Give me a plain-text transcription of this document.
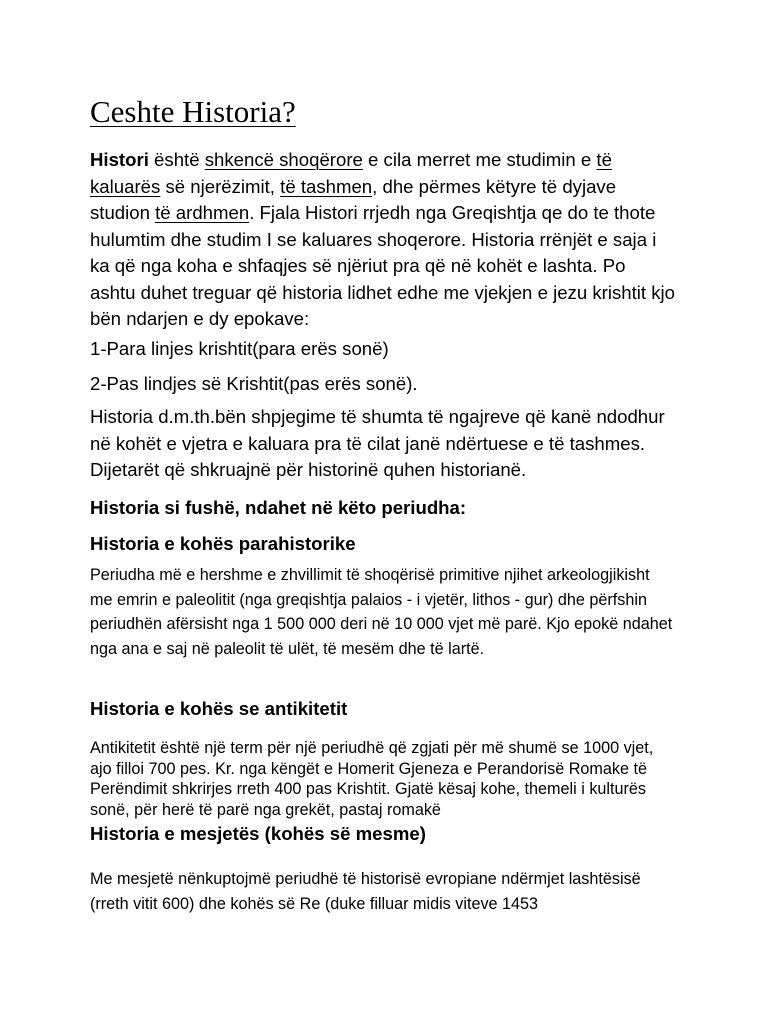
Ceshte Historia?

Histori është shkencë shoqërore e cila merret me studimin e të kaluarës së njerëzimit, të tashmen, dhe përmes këtyre të dyjave studion të ardhmen. Fjala Histori rrjedh nga Greqishtja qe do te thote hulumtim dhe studim I se kaluares shoqerore. Historia rrënjët e saja i ka që nga koha e shfaqjes së njëriut pra që në kohët e lashta. Po ashtu duhet treguar që historia lidhet edhe me vjekjen e jezu krishtit kjo bën ndarjen e dy epokave:

1-Para linjes krishtit(para erës sonë)

2-Pas lindjes së Krishtit(pas erës sonë).

Historia d.m.th.bën shpjegime të shumta të ngajreve që kanë ndodhur në kohët e vjetra e kaluara pra të cilat janë ndërtuese e të tashmes. Dijetarët që shkruajnë për historinë quhen historianë.

Historia si fushë, ndahet në këto periudha:
Historia e kohës parahistorike

Periudha më e hershme e zhvillimit të shoqërisë primitive njihet arkeologjikisht me emrin e paleolitit (nga greqishtja palaios - i vjetër, lithos - gur) dhe përfshin periudhën afërsisht nga 1 500 000 deri në 10 000 vjet më parë. Kjo epokë ndahet nga ana e saj në paleolit të ulët, të mesëm dhe të lartë.

Historia e kohës se antikitetit

Antikitetit është një term për një periudhë që zgjati për më shumë se 1000 vjet, ajo filloi 700 pes. Kr. nga këngët e Homerit Gjeneza e Perandorisë Romake të Perëndimit shkrirjes rreth 400 pas Krishtit. Gjatë kësaj kohe, themeli i kulturës sonë, për herë të parë nga grekët, pastaj romakë

Historia e mesjetës (kohës së mesme)

Me mesjetë nënkuptojmë periudhë të historisë evropiane ndërmjet lashtësisë (rreth vitit 600) dhe kohës së Re (duke filluar midis viteve 1453
